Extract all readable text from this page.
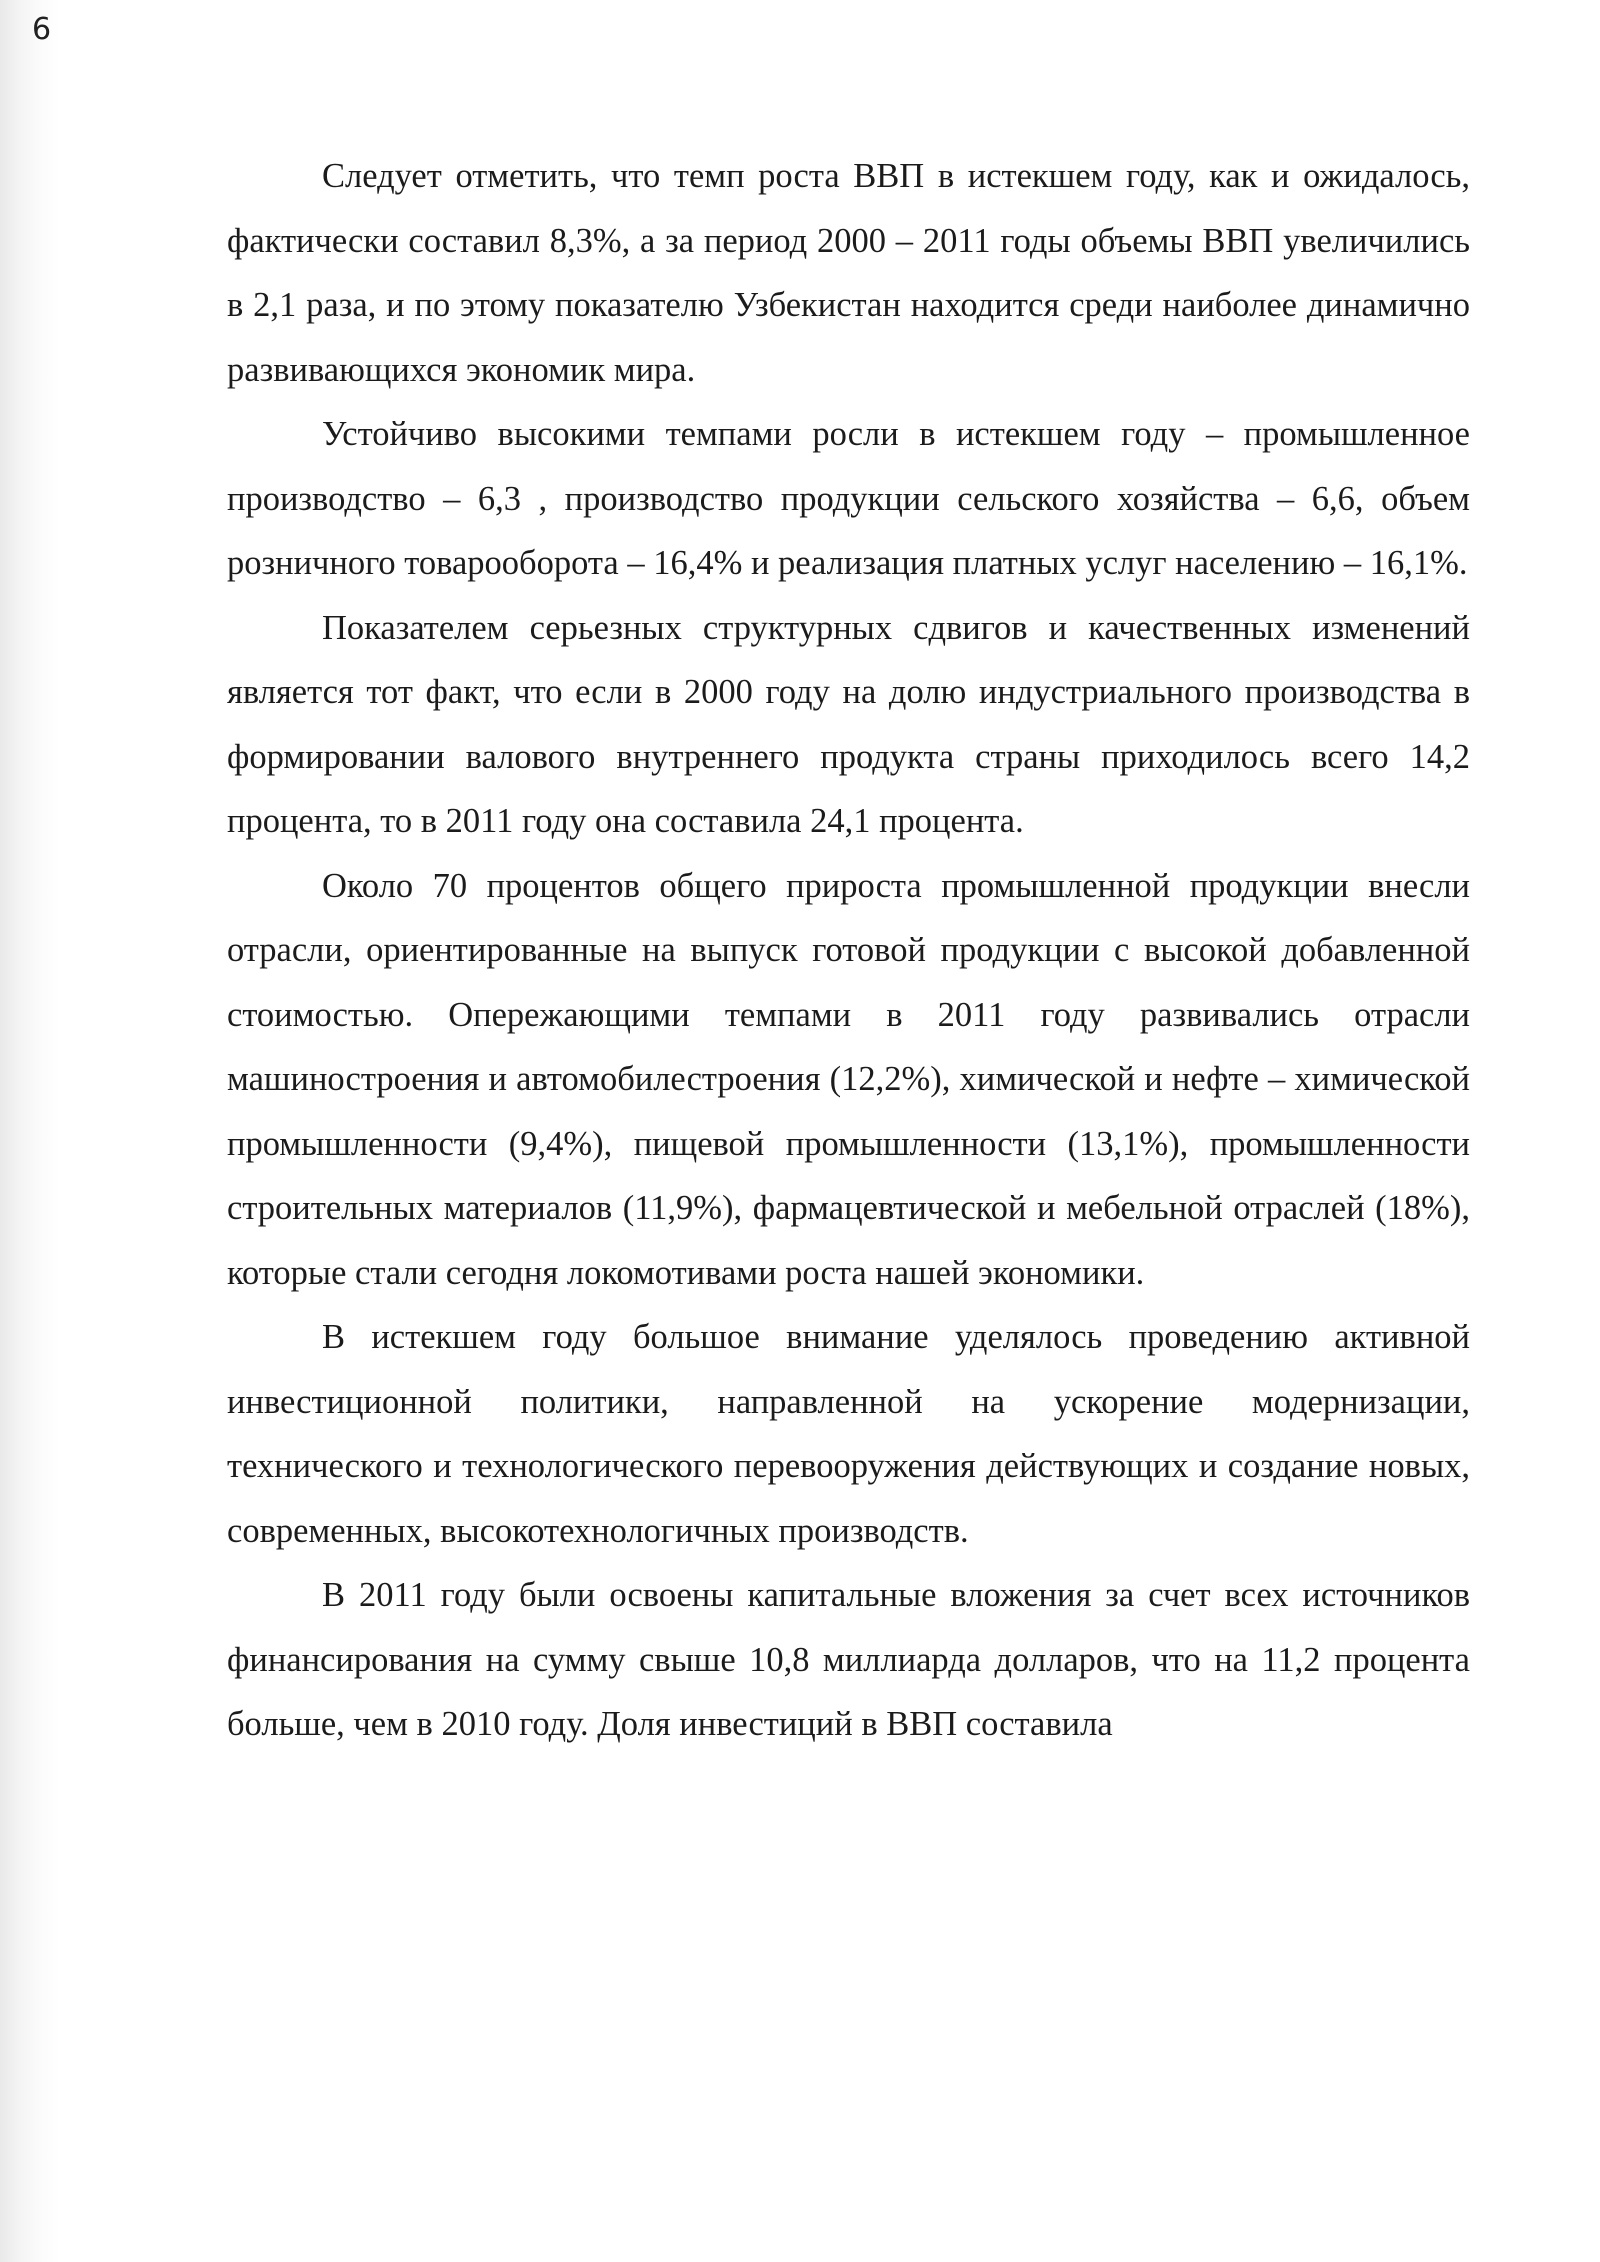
6

Следует отметить, что темп роста ВВП в истекшем году, как и ожидалось, фактически составил 8,3%, а за период 2000 – 2011 годы объемы ВВП увеличились в 2,1 раза, и по этому показателю Узбекистан находится среди наиболее динамично развивающихся экономик мира.

Устойчиво высокими темпами росли в истекшем году – промышленное производство – 6,3 , производство продукции сельского хозяйства – 6,6, объем розничного товарооборота – 16,4% и реализация платных услуг населению – 16,1%.

Показателем серьезных структурных сдвигов и качественных изменений является тот факт, что если в 2000 году на долю индустриального производства в формировании валового внутреннего продукта страны приходилось всего 14,2 процента, то в 2011 году она составила 24,1 процента.

Около 70 процентов общего прироста промышленной продукции внесли отрасли, ориентированные на выпуск готовой продукции с высокой добавленной стоимостью. Опережающими темпами в 2011 году развивались отрасли машиностроения и автомобилестроения (12,2%), химической и нефте – химической промышленности (9,4%), пищевой промышленности (13,1%), промышленности строительных материалов (11,9%), фармацевтической и мебельной отраслей (18%), которые стали сегодня локомотивами роста нашей экономики.

В истекшем году большое внимание уделялось проведению активной инвестиционной политики, направленной на ускорение модернизации, технического и технологического перевооружения действующих и создание новых, современных, высокотехнологичных производств.

В 2011 году были освоены капитальные вложения за счет всех источников финансирования на сумму свыше 10,8 миллиарда долларов, что на 11,2 процента больше, чем в 2010 году. Доля инвестиций в ВВП составила
